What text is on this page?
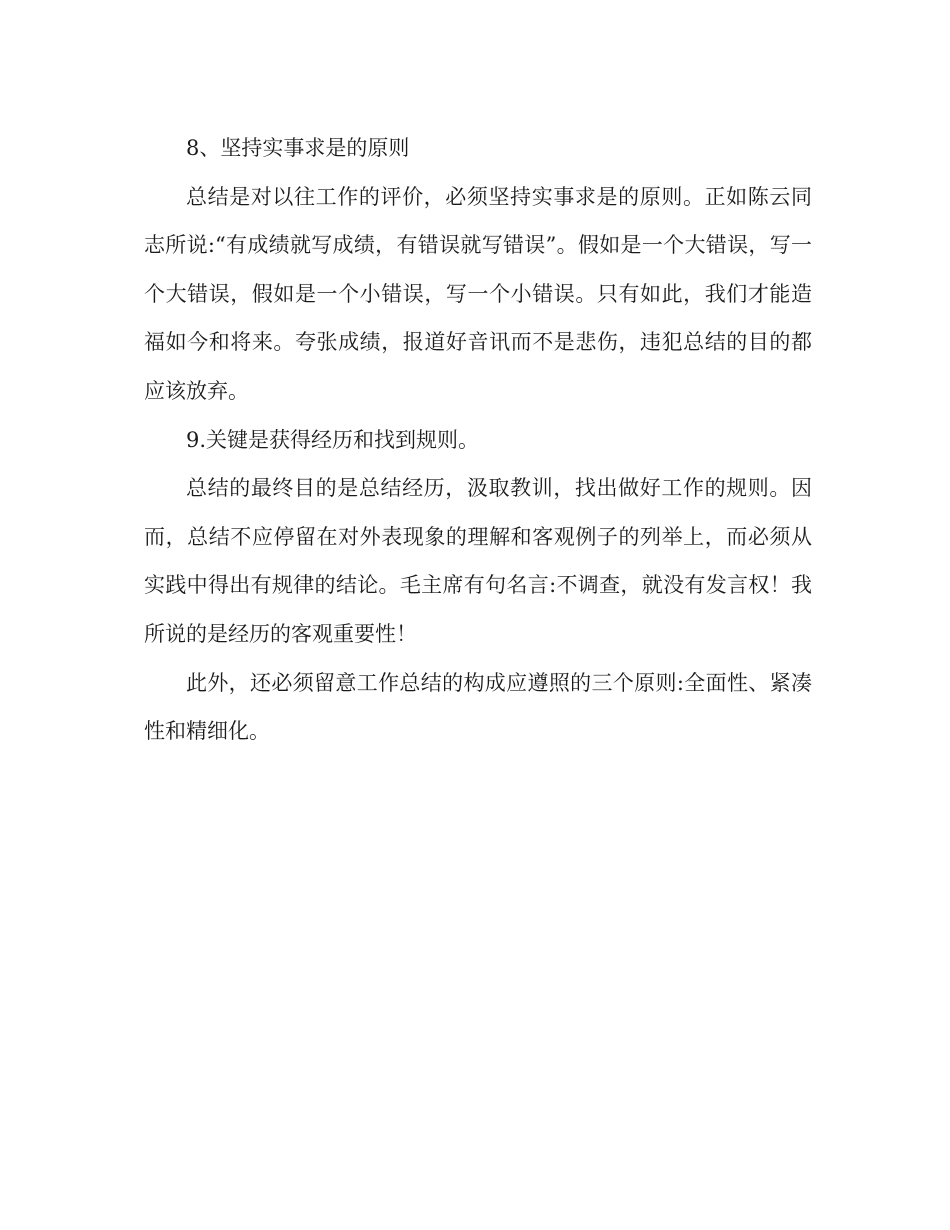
8、坚持实事求是的原则

总结是对以往工作的评价，必须坚持实事求是的原则。正如陈云同志所说:“有成绩就写成绩，有错误就写错误”。假如是一个大错误，写一个大错误，假如是一个小错误，写一个小错误。只有如此，我们才能造福如今和将来。夸张成绩，报道好音讯而不是悲伤，违犯总结的目的都应该放弃。

9.关键是获得经历和找到规则。

总结的最终目的是总结经历，汲取教训，找出做好工作的规则。因而，总结不应停留在对外表现象的理解和客观例子的列举上，而必须从实践中得出有规律的结论。毛主席有句名言:不调查，就没有发言权！我所说的是经历的客观重要性！

此外，还必须留意工作总结的构成应遵照的三个原则:全面性、紧凑性和精细化。
